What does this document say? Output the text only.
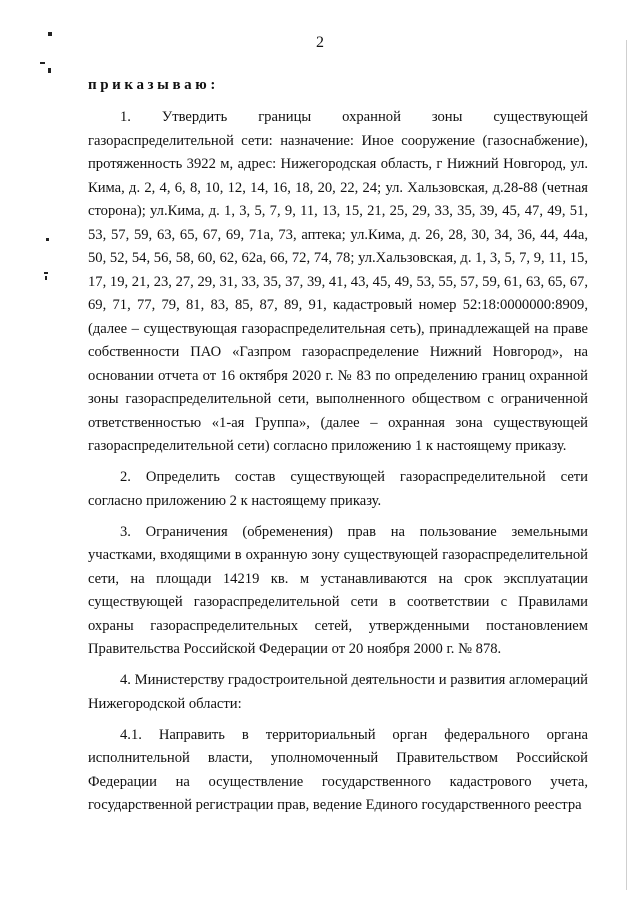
2
приказываю:

1. Утвердить границы охранной зоны существующей газораспределительной сети: назначение: Иное сооружение (газоснабжение), протяженность 3922 м, адрес: Нижегородская область, г Нижний Новгород, ул. Кима, д. 2, 4, 6, 8, 10, 12, 14, 16, 18, 20, 22, 24; ул. Хальзовская, д.28-88 (четная сторона); ул.Кима, д. 1, 3, 5, 7, 9, 11, 13, 15, 21, 25, 29, 33, 35, 39, 45, 47, 49, 51, 53, 57, 59, 63, 65, 67, 69, 71а, 73, аптека; ул.Кима, д. 26, 28, 30, 34, 36, 44, 44а, 50, 52, 54, 56, 58, 60, 62, 62а, 66, 72, 74, 78; ул.Хальзовская, д. 1, 3, 5, 7, 9, 11, 15, 17, 19, 21, 23, 27, 29, 31, 33, 35, 37, 39, 41, 43, 45, 49, 53, 55, 57, 59, 61, 63, 65, 67, 69, 71, 77, 79, 81, 83, 85, 87, 89, 91, кадастровый номер 52:18:0000000:8909, (далее – существующая газораспределительная сеть), принадлежащей на праве собственности ПАО «Газпром газораспределение Нижний Новгород», на основании отчета от 16 октября 2020 г. № 83 по определению границ охранной зоны газораспределительной сети, выполненного обществом с ограниченной ответственностью «1-ая Группа», (далее – охранная зона существующей газораспределительной сети) согласно приложению 1 к настоящему приказу.

2. Определить состав существующей газораспределительной сети согласно приложению 2 к настоящему приказу.

3. Ограничения (обременения) прав на пользование земельными участками, входящими в охранную зону существующей газораспределительной сети, на площади 14219 кв. м устанавливаются на срок эксплуатации существующей газораспределительной сети в соответствии с Правилами охраны газораспределительных сетей, утвержденными постановлением Правительства Российской Федерации от 20 ноября 2000 г. № 878.

4. Министерству градостроительной деятельности и развития агломераций Нижегородской области:

4.1. Направить в территориальный орган федерального органа исполнительной власти, уполномоченный Правительством Российской Федерации на осуществление государственного кадастрового учета, государственной регистрации прав, ведение Единого государственного реестра
